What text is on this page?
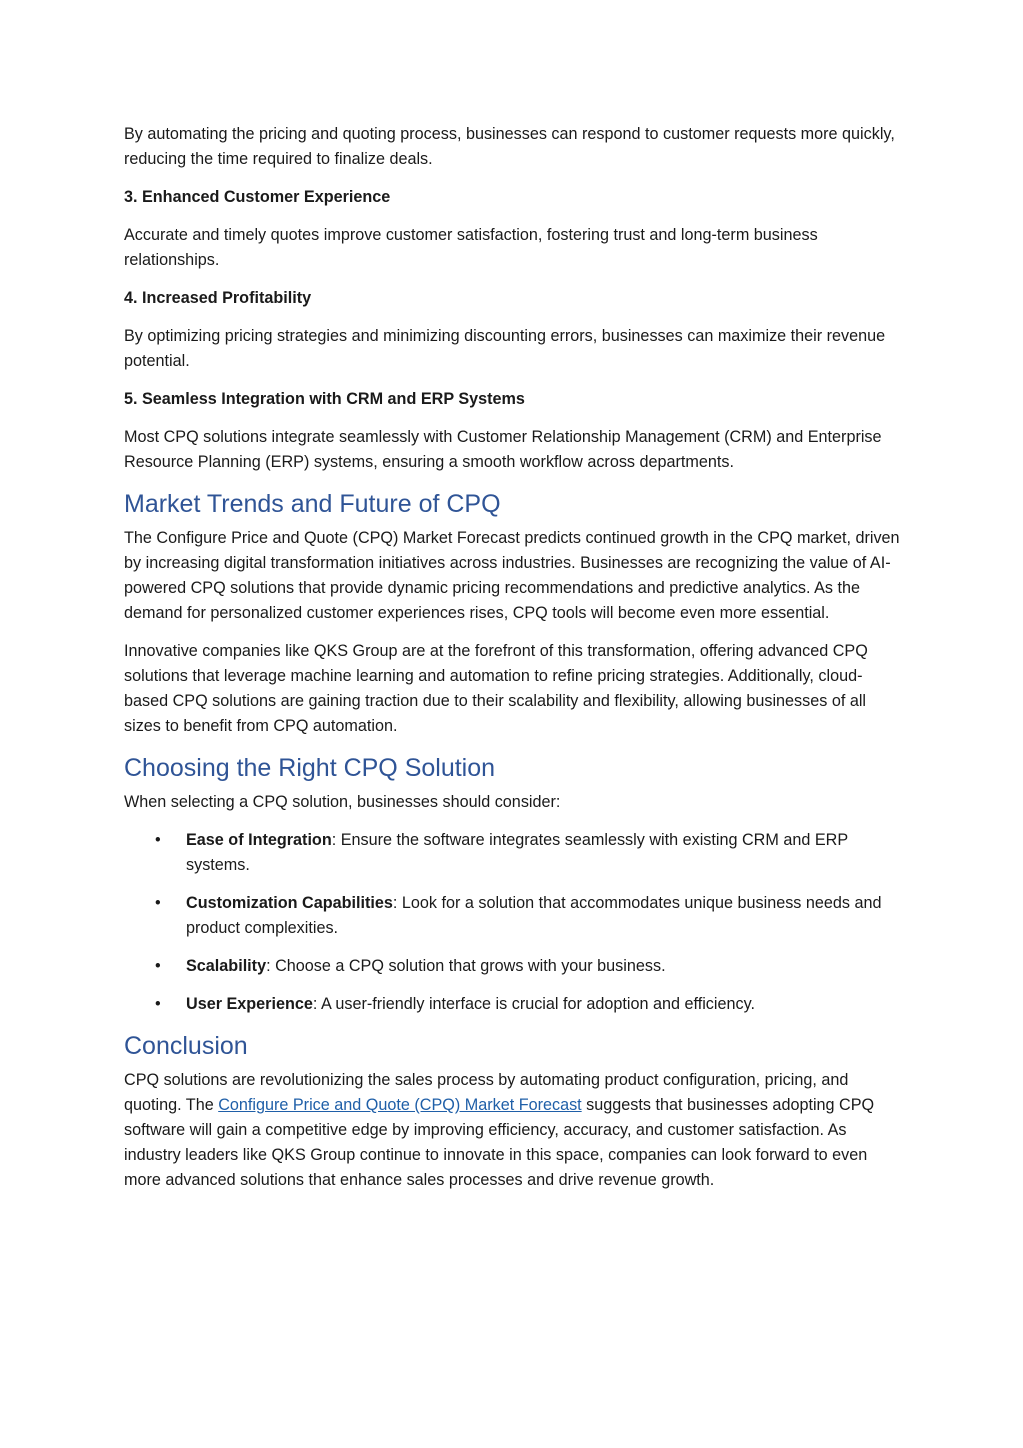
By automating the pricing and quoting process, businesses can respond to customer requests more quickly, reducing the time required to finalize deals.

3. Enhanced Customer Experience

Accurate and timely quotes improve customer satisfaction, fostering trust and long-term business relationships.

4. Increased Profitability

By optimizing pricing strategies and minimizing discounting errors, businesses can maximize their revenue potential.

5. Seamless Integration with CRM and ERP Systems

Most CPQ solutions integrate seamlessly with Customer Relationship Management (CRM) and Enterprise Resource Planning (ERP) systems, ensuring a smooth workflow across departments.

Market Trends and Future of CPQ

The Configure Price and Quote (CPQ) Market Forecast predicts continued growth in the CPQ market, driven by increasing digital transformation initiatives across industries. Businesses are recognizing the value of AI-powered CPQ solutions that provide dynamic pricing recommendations and predictive analytics. As the demand for personalized customer experiences rises, CPQ tools will become even more essential.

Innovative companies like QKS Group are at the forefront of this transformation, offering advanced CPQ solutions that leverage machine learning and automation to refine pricing strategies. Additionally, cloud-based CPQ solutions are gaining traction due to their scalability and flexibility, allowing businesses of all sizes to benefit from CPQ automation.

Choosing the Right CPQ Solution

When selecting a CPQ solution, businesses should consider:

• Ease of Integration: Ensure the software integrates seamlessly with existing CRM and ERP systems.
• Customization Capabilities: Look for a solution that accommodates unique business needs and product complexities.
• Scalability: Choose a CPQ solution that grows with your business.
• User Experience: A user-friendly interface is crucial for adoption and efficiency.
Conclusion

CPQ solutions are revolutionizing the sales process by automating product configuration, pricing, and quoting. The Configure Price and Quote (CPQ) Market Forecast suggests that businesses adopting CPQ software will gain a competitive edge by improving efficiency, accuracy, and customer satisfaction. As industry leaders like QKS Group continue to innovate in this space, companies can look forward to even more advanced solutions that enhance sales processes and drive revenue growth.
